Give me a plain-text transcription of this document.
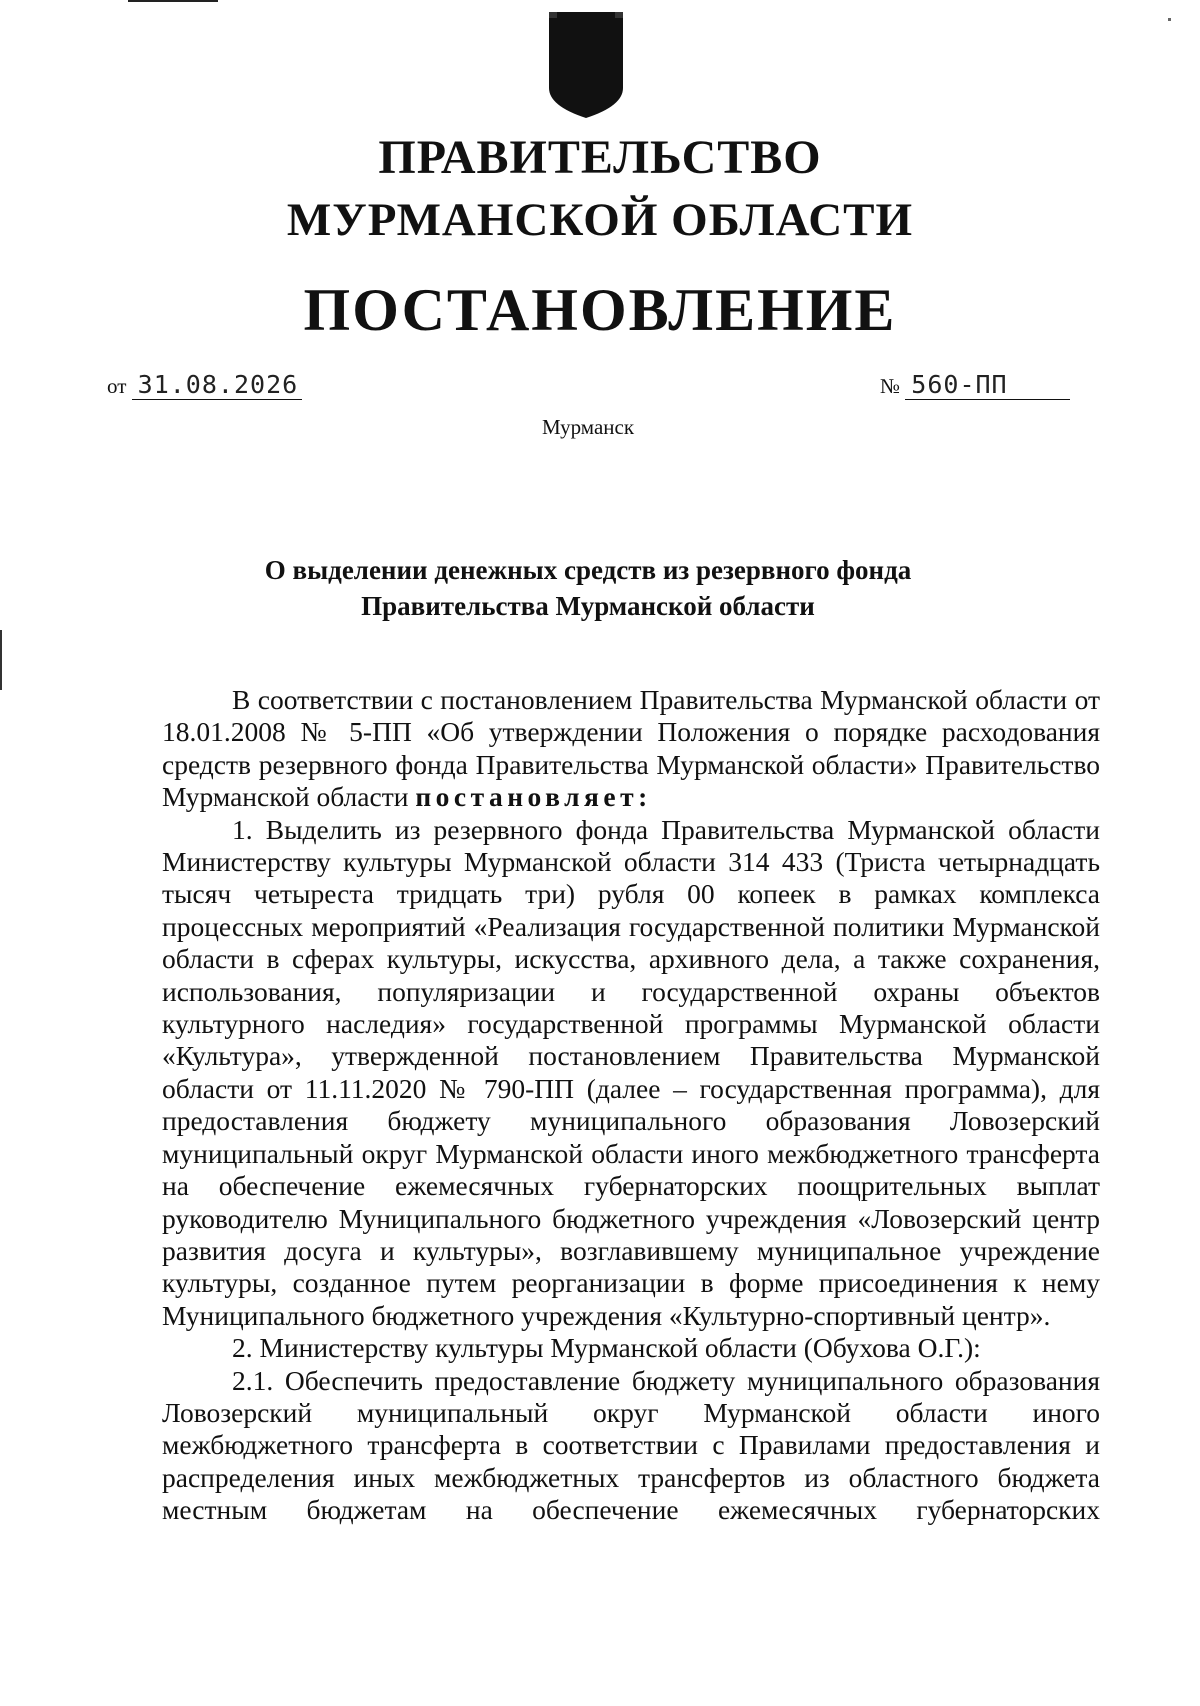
ПРАВИТЕЛЬСТВО
МУРМАНСКОЙ ОБЛАСТИ
ПОСТАНОВЛЕНИЕ
от 31.08.2026	№ 560-ПП
Мурманск
О выделении денежных средств из резервного фонда
Правительства Мурманской области

В соответствии с постановлением Правительства Мурманской области от 18.01.2008 № 5-ПП «Об утверждении Положения о порядке расходования средств резервного фонда Правительства Мурманской области» Правительство Мурманской области постановляет:

1. Выделить из резервного фонда Правительства Мурманской области Министерству культуры Мурманской области 314 433 (Триста четырнадцать тысяч четыреста тридцать три) рубля 00 копеек в рамках комплекса процессных мероприятий «Реализация государственной политики Мурманской области в сферах культуры, искусства, архивного дела, а также сохранения, использования, популяризации и государственной охраны объектов культурного наследия» государственной программы Мурманской области «Культура», утвержденной постановлением Правительства Мурманской области от 11.11.2020 № 790-ПП (далее – государственная программа), для предоставления бюджету муниципального образования Ловозерский муниципальный округ Мурманской области иного межбюджетного трансферта на обеспечение ежемесячных губернаторских поощрительных выплат руководителю Муниципального бюджетного учреждения «Ловозерский центр развития досуга и культуры», возглавившему муниципальное учреждение культуры, созданное путем реорганизации в форме присоединения к нему Муниципального бюджетного учреждения «Культурно-спортивный центр».

2. Министерству культуры Мурманской области (Обухова О.Г.):

2.1. Обеспечить предоставление бюджету муниципального образования Ловозерский муниципальный округ Мурманской области иного межбюджетного трансферта в соответствии с Правилами предоставления и распределения иных межбюджетных трансфертов из областного бюджета местным бюджетам на обеспечение ежемесячных губернаторских
